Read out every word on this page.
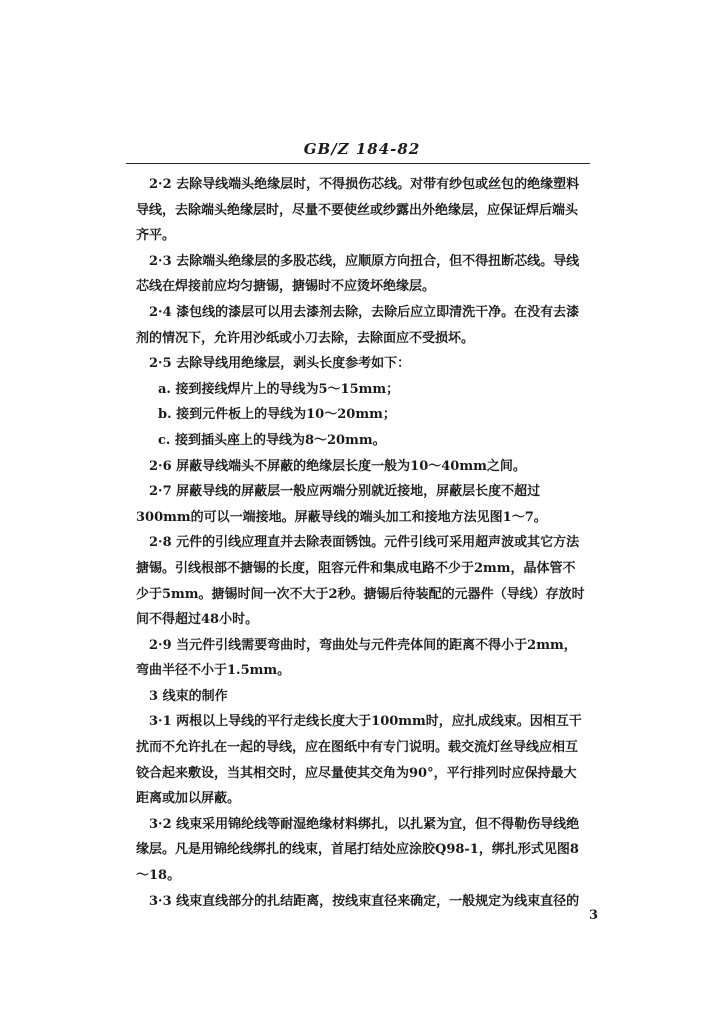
GB/Z 184-82

2·2 去除导线端头绝缘层时，不得损伤芯线。对带有纱包或丝包的绝缘塑料导线，去除端头绝缘层时，尽量不要使丝或纱露出外绝缘层，应保证焊后端头齐平。

2·3 去除端头绝缘层的多股芯线，应顺原方向扭合，但不得扭断芯线。导线芯线在焊接前应均匀搪锡，搪锡时不应烫坏绝缘层。

2·4 漆包线的漆层可以用去漆剂去除，去除后应立即清洗干净。在没有去漆剂的情况下，允许用沙纸或小刀去除，去除面应不受损坏。

2·5 去除导线用绝缘层，剥头长度参考如下：

a. 接到接线焊片上的导线为5～15mm；

b. 接到元件板上的导线为10～20mm；

c. 接到插头座上的导线为8～20mm。

2·6 屏蔽导线端头不屏蔽的绝缘层长度一般为10～40mm之间。

2·7 屏蔽导线的屏蔽层一般应两端分别就近接地，屏蔽层长度不超过300mm的可以一端接地。屏蔽导线的端头加工和接地方法见图1～7。

2·8 元件的引线应理直并去除表面锈蚀。元件引线可采用超声波或其它方法搪锡。引线根部不搪锡的长度，阻容元件和集成电路不少于2mm，晶体管不少于5mm。搪锡时间一次不大于2秒。搪锡后待装配的元器件（导线）存放时间不得超过48小时。

2·9 当元件引线需要弯曲时，弯曲处与元件壳体间的距离不得小于2mm，弯曲半径不小于1.5mm。

3 线束的制作

3·1 两根以上导线的平行走线长度大于100mm时，应扎成线束。因相互干扰而不允许扎在一起的导线，应在图纸中有专门说明。载交流灯丝导线应相互铰合起来敷设，当其相交时，应尽量使其交角为90°，平行排列时应保持最大距离或加以屏蔽。

3·2 线束采用锦纶线等耐湿绝缘材料绑扎，以扎紧为宜，但不得勒伤导线绝缘层。凡是用锦纶线绑扎的线束，首尾打结处应涂胶Q98-1，绑扎形式见图8～18。

3·3 线束直线部分的扎结距离，按线束直径来确定，一般规定为线束直径的

3
